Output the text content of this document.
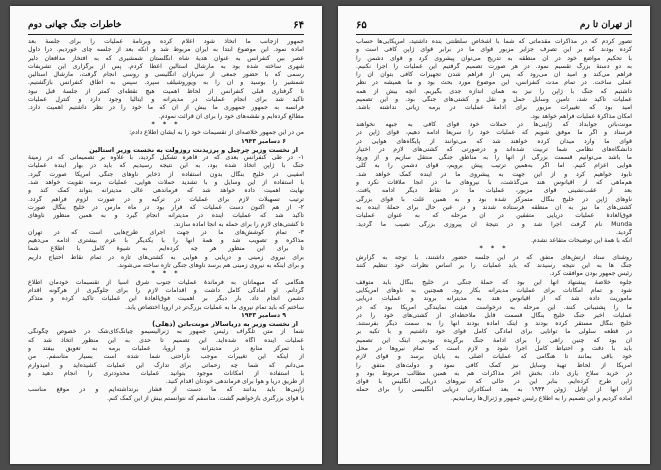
۶۴
خاطرات جنگ جهانی دوم
جمهور ازجانب ما اتخاذ شود اعلام کرده وبرنامهٔ عملیات را برای جلسهٔ بعد
آماده نمود. این موضوع ابتدا به ایران مربوط شد و آنکه بعد از جلسه چای خوردیم. درا داول
عصر بین کنفرانس به عنوان هدیهٔ شاه انگلستان شمشیری که به افتخار مدافعان دلیر
شهری ساخته شده بود به مارشال استالین اعطا کردم. پس از برگزاری این تشریفات
رسمی که با حضور جمعی از سربازان انگلیسی و روسی انجام گرفت، مارشال استالین
شمشیر را بوسید و آن را به ویوروشیلف سپرد. سپس به اطاق کنفرانس بازگشتیم.
تا گرفتاری قبلی کنفرانس از لحاظ اهمیت هیچ نقطه‌ای کمتر از جلسهٔ قبل نبود
تأکید شد برای انجام عملیات در مدیترانه و ایتالیا وجود دارد و کنترل عملیات
فرانسه به جمهور جمهوری ما بیش از آن که ما خود را در نظر داشتیم اهمیت دارد.
مطالع کرده‌ایم و نقشه‌های خود را برای آن قرائت نمودم.
* * *
من در این جمهور خلاصه‌ای از تقسیمات خود را به ایشان اطلاع دادم:
۶ دسامبر ۱۹۴۳
از نخست وزیر چرچیل و پرزیدنت روزولت به نخست وزیر استالین
۱- در طی کنفرانس بعدی که در قاهره تشکیل گردید، با علاوه بر تصمیماتی که در زمینهٔ
جنگ با ژاپن اتخاذ شده بود، به این نتیجه رسیدیم که باید در بهار آینده عملیات
آمفیبی در خلیج بنگال بدون استفاده از ذخایر ناوهای جنگی آمریکا صورت گیرد.
با استفاده از این وسایل و با تشدید حملات هوایی، عملیات برمه تقویت خواهد شد.
نهایت اهمیت داده خواهد شد که فرماندهی عالی مدیترانه بتواند کمک کند و
ترتیب تسهیلات لازم برای عملیات در ترکیه و در صورت لزوم فراهم گردد.
۲- از هم اکنون دست عملیات که قرار بود در ماه مارس در خلیج بنگال صورت
تأکید شد که عملیات آینده در مدیترانه انجام گیرد و به همین منظور ناوهای
تا کشتی‌های لازم را برای حمله به آنجا آماده سازند.
۳- تمام کوشش‌های ما در جهت اجرای طرح‌هایی است که در تهران
مذاکره و تصویب شد و همهٔ آنها را با یکدیگر با عزم بیشتری ادامه می‌دهیم
تا برای این منظور هر چه کرده‌ایم به شیوهٔ کامل با اطلاع شما
برای نیروی زمینی و دریایی و هوایی به کشتی‌های تازه در تمام نقاط احتیاج داریم
و برای اینکه به نیروی زمینی هم برسد ناوهای جنگی تازه ساخته می‌شوند.
* * *
هنگامی که میهمانان به فرماندهٔ عملیات جنوب شرق آسیا از تقسیمات خودمان اطلاع
گردانم. او آمادگی کامل داشت و اقدامات لازم را برای جلوگیری از هرگونه اقدام
دشمن انجام داد. بار دیگر بر اهمیت فوق‌العادهٔ این عملیات تأکید کرده و متذکر
ساختم که باید تمام نیروی ما به عملیات بزرگ‌تر در اروپا اختصاص یابد.
۹ دسامبر ۱۹۴۳
از نخست وزیر به دریاسالار مونت‌باتن (دهلی)
شما از متن تلگراف رئیس جمهور به ژنرالیسیمو چیانگ‌کای‌شک در خصوص چگونگی
عملیات آینده آگاه شده‌اید. این تصمیم تا حدی به این منظور اتخاذ شد که
با تمرکز منابع در مدیترانه و اروپا، عملیات برمه به تعویق بیفتد و
از اینکه این تغییرات موجب ناراحتی شما شده است بسیار متأسفم. من
می‌دانم که شما چه زحماتی برای تدارک این عملیات کشیده‌اید و امیدوارم
با استفاده از امکانات موجود بتوانید عملیات محدودتری را انجام دهید و
از طریق دریا و هوا برای فرماندهی خودتان اقدام کنید.
ژاپنی‌ها باید بدانند که ما دست از فشار برنداشته‌ایم و در موقع مناسب
با قوای بزرگتری بازخواهیم گشت. متأسفم که نتوانستم بیش از این کمک کنم.
۶۵	از تهران تا رم
تصور کردم که در مذاکرات مقدماتی که شما با اشخاص سلطنتی بنده داشتید، آمریکایی‌ها حساب
کرده بودند که بر این تصرف جزایر مزبور قوای ما در برابر قوای ژاپن کافی است و
با تحکیم مواضع خود در آن منطقه به تدریج می‌توان پیشروی کرد و قوای دشمن را
به دو دستهٔ بزرگ تقسیم نمود. در هر صورت تصمیم گرفتیم این عملیات را اجرا نکنیم.
فراهم می‌کند و امید آن می‌رود که پس از فراهم شدن تجهیزات کافی بتوان آن را
عملی ساخت. در تمام مدت کنفرانس، این موضوع مورد بحث بود و ما همیشه در نظر
داشتیم که جنگ با ژاپن را نیز به همان اندازه جدی بگیریم. آنچه بیش از همه
عملیات تأکید شد، تأمین وسایل حمل و نقل و کشتی‌های جنگی بود. و این تصمیم
امید بود که تغییرات مزبور برای ادامهٔ عملیات در برمه زیانی نداشته باشد.
امکان مذاکرهٔ عملیات فراهم خواهد بود.
مونت‌باتن جوابداد که ژاپنی‌ها در حملات خود قوای کافی به جبهه نخواهند
فرستاد و اگر ما موفق شویم که عملیات خود را سریعاً ادامه دهیم، قوای ژاپن در
قوای ما وارد میدان کرده خواهند شد که می‌توانند از پایگاه‌های هوایی در
دانشگاه‌های نظامی شما تربیت شده‌اند و درصورتی که کشتی‌های لازم در اختیار
ما باشد می‌توانیم قسمت بزرگی از آنها را به مناطق جنگی منتقل سازیم و از ورود
هوایی اعزام کنیم. اما اگر به‌همین ترتیب پیش برویم، قوای دشمن را به کلی
نابود خواهیم کرد و از این جهت به پیشروی ما در آینده کمک خواهد شد.
هم‌ماهی که از اقیانوس هند می‌گذشت، با نیروهای ما در آنجا ملاقات نکرد و
بعد از عقب‌نشینی قوای مزبور، عملیات ما در نقاط دیگر ادامه یافت.
ناوهای ژاپن در خلیج بنگال متمرکز شده بود و به همین علت با قوای بزرگی
کشتی‌های ما نیز به آن منطقه فرستاده شدند و در عین حال برای حملهٔ آینده به
فوق‌العادهٔ عملیات دریایی متفقین در آن مرحله که به عنوان عملیات
Munda نام گرفت اجرا شد و در نتیجهٔ آن پیروزی بزرگی نصیب ما گردید.
گردید.
آنکه با همهٔ این توضیحات متقاعد نشدم.
* * *
روشنای ستاد ارتش‌های متفق که در این جلسه حضور داشتند، با توجه به گزارش
جنگ ها به این نتیجه رسیدند که باید عملیات را بر اساس نظرات خود تنظیم کنند
رئیس جمهور بودن موافقت کرد.
جلوه خلاصهٔ پیشنهاد آنها این بود که حملهٔ جنگی در خلیج بنگال باید متوقف
شود و تمام امکانات برای عملیات مدیترانه بکار رود. همچنین به ناوهای آمریکایی
مأموریت داده شد که از اقیانوس هند به مدیترانه بروند و عملیات دریایی
ما را پشتیبانی کنند. این مرحله به درخواست هیئت نمایندگی آمریکا بود که در
عملیات اخیر جنگ خلیج بنگال قسمت قابل ملاحظه‌ای از کشتی‌های خود را در
خلیج بنگال مستقر کرده بودند و اینک آماده بودند آنها را به سمت دیگر بفرستند.
در قطعه سلولی ما توانایی برای آمادگی کامل قوای خود داشتیم و با تکیه بر
آن بود که چنین راهی را برای ادامهٔ جنگ برگزیده بودیم. اینک این تصمیم
باید با دقت و احتیاط کامل اجرا شود و لازم است که تمام نیروها در محل
خود باقی بمانند تا هنگامی که عملیات اصلی به پایان برسد و قوای لازم
آمریکا از لحاظ تهیهٔ وسایل نیز کمک کافی نمود و دولت‌های متفق را
در خرید سلاح یاری داد. بخش آخر مذاکرات هم به همین مطالب مربوط بود و
ژاپن طرح کرده‌ایم. بنابر این در حالی که نیروهای دریایی انگلیس با قوای
از آنها از اوایل ژوئن ۱۹۴۴ به بعد اسکادران دریایی انگلیسی را برای حمله
آماده کردیم و این تصمیم را به اطلاع رئیس جمهور و ژنرال‌ها رسانیدیم.
